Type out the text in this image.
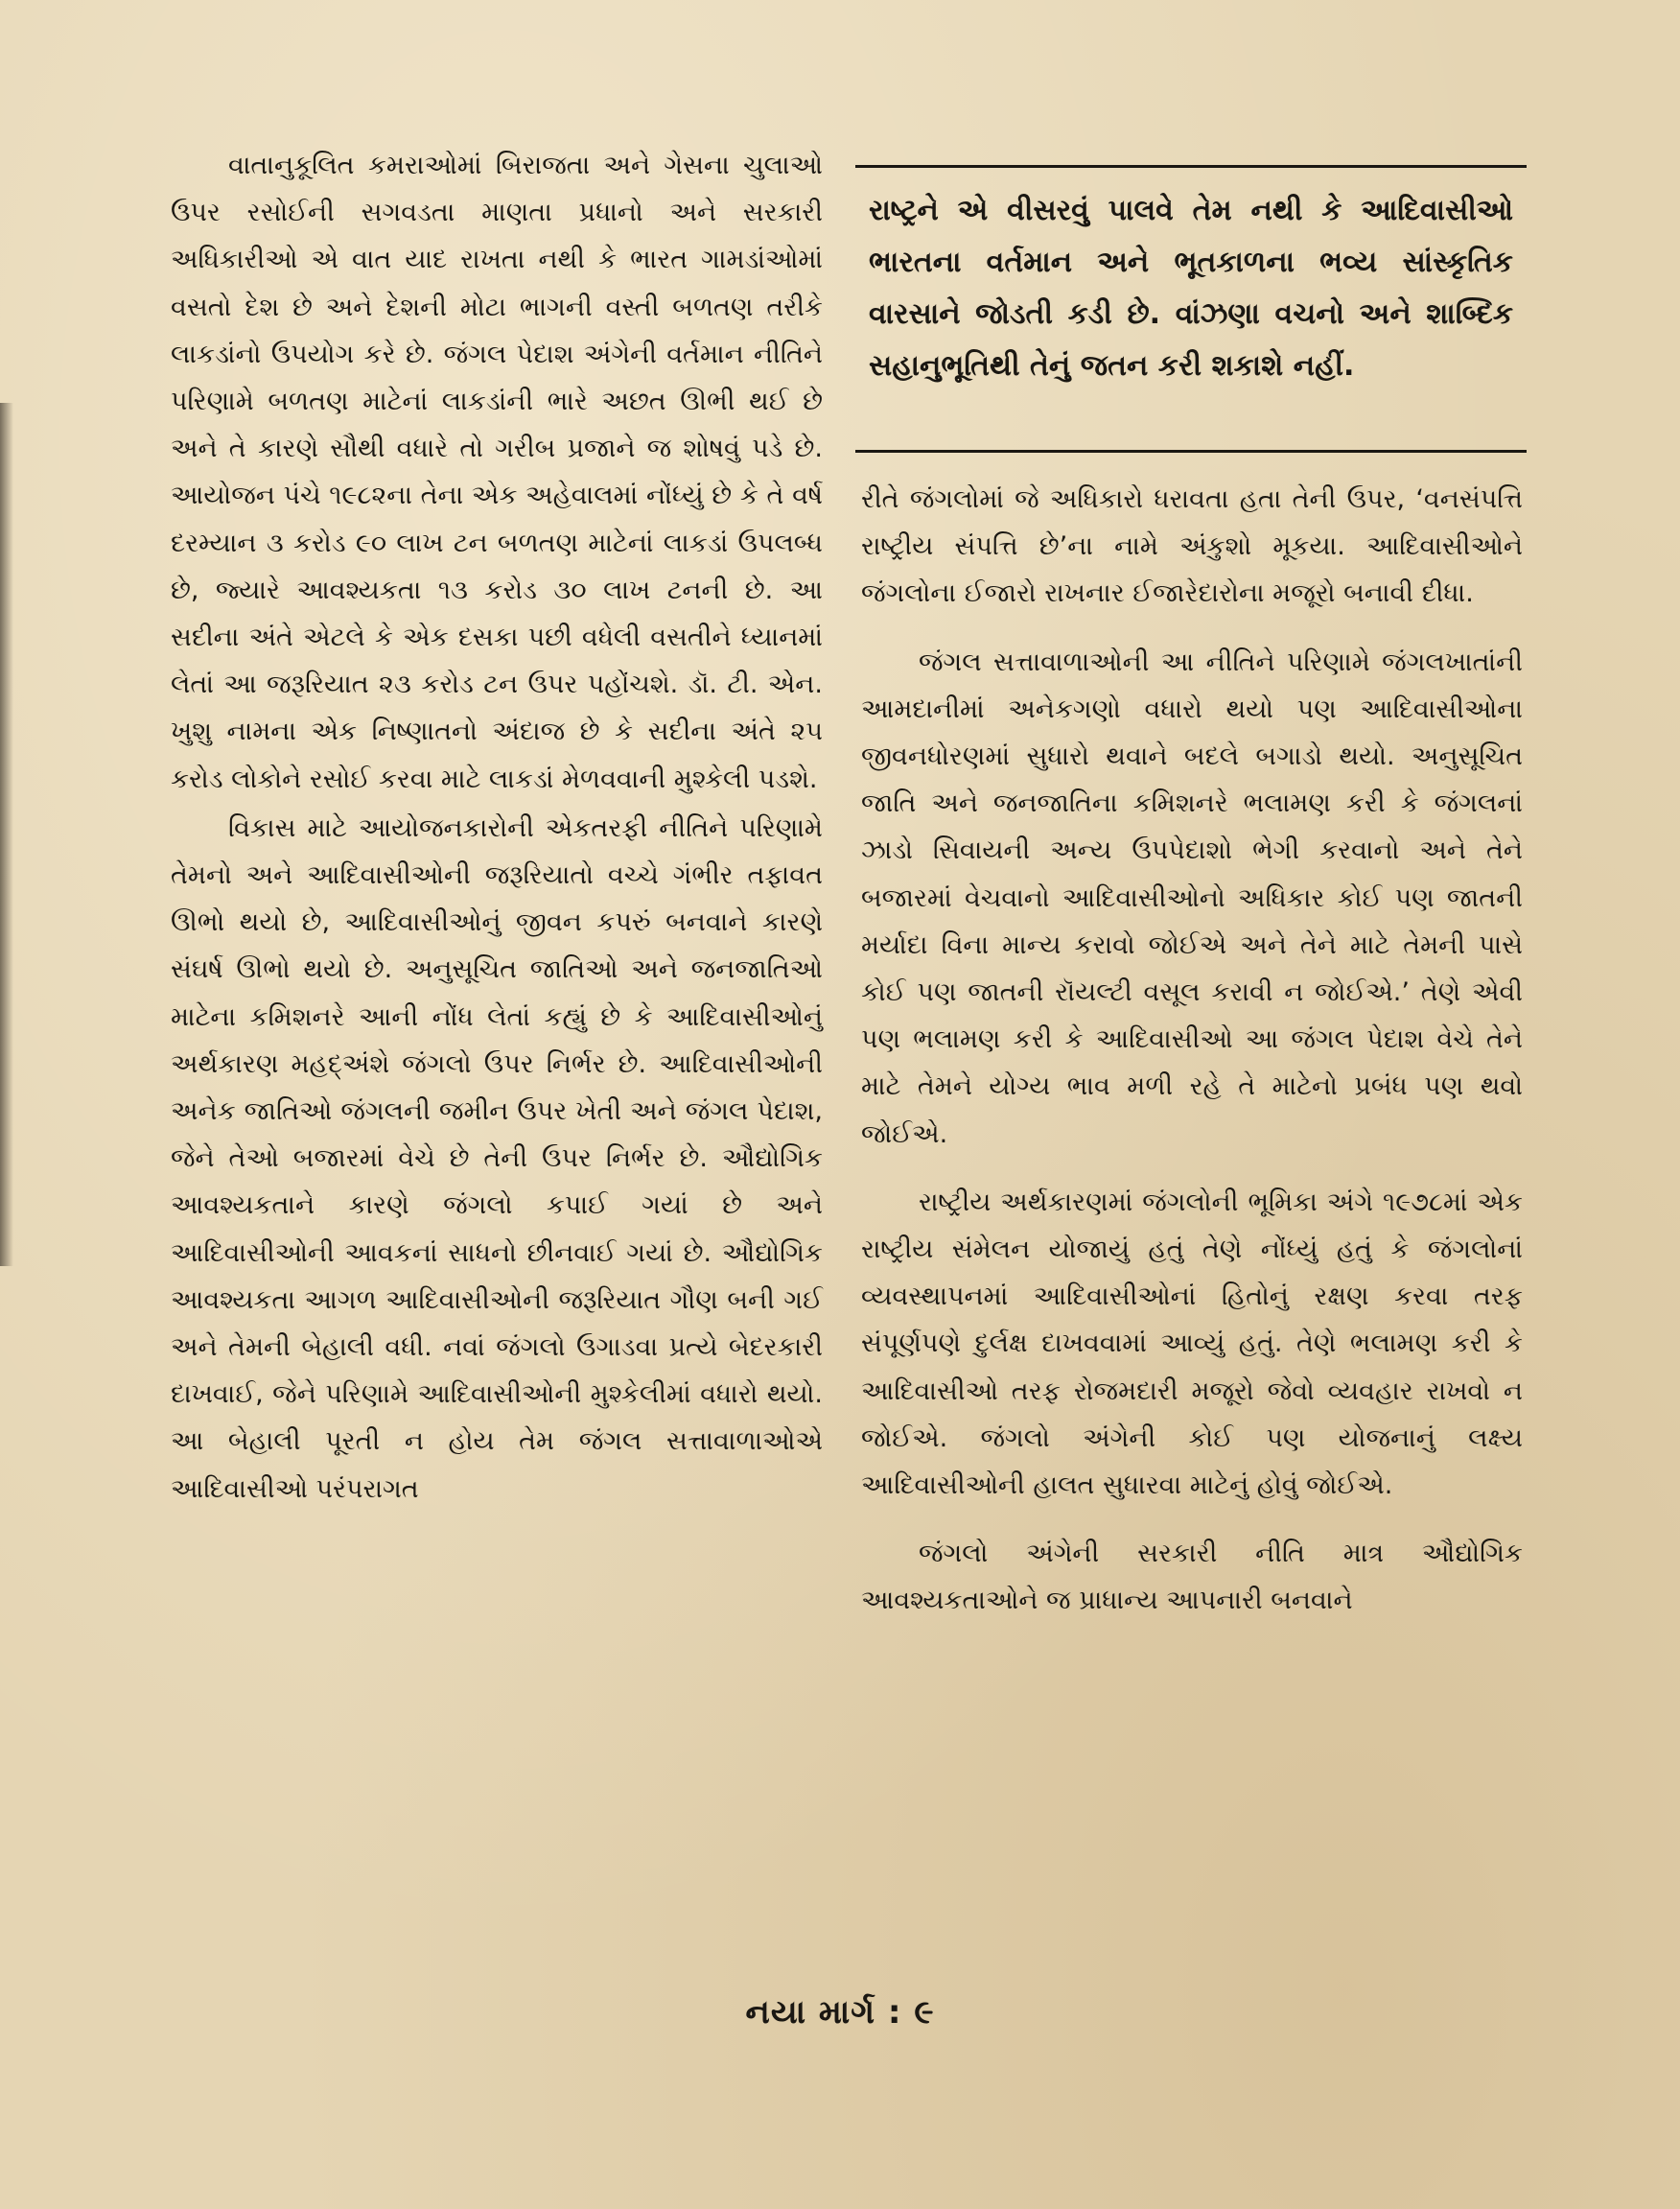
વાતાનુકૂલિત કમરાઓમાં બિરાજતા અને ગેસના ચુલાઓ ઉપર રસોઈની સગવડતા માણતા પ્રધાનો અને સરકારી અધિકારીઓ એ વાત યાદ રાખતા નથી કે ભારત ગામડાંઓમાં વસતો દેશ છે અને દેશની મોટા ભાગની વસ્તી બળતણ તરીકે લાકડાંનો ઉપયોગ કરે છે. જંગલ પેદાશ અંગેની વર્તમાન નીતિને પરિણામે બળતણ માટેનાં લાકડાંની ભારે અછત ઊભી થઈ છે અને તે કારણે સૌથી વધારે તો ગરીબ પ્રજાને જ શોષવું પડે છે. આયોજન પંચે ૧૯૮૨ના તેના એક અહેવાલમાં નોંધ્યું છે કે તે વર્ષ દરમ્યાન ૩ કરોડ ૯૦ લાખ ટન બળતણ માટેનાં લાકડાં ઉપલબ્ધ છે, જ્યારે આવશ્યકતા ૧૩ કરોડ ૩૦ લાખ ટનની છે. આ સદીના અંતે એટલે કે એક દસકા પછી વધેલી વસતીને ધ્યાનમાં લેતાં આ જરૂરિયાત ૨૩ કરોડ ટન ઉપર પહોંચશે. ડૉ. ટી. એન. ખુશુ નામના એક નિષ્ણાતનો અંદાજ છે કે સદીના અંતે ૨૫ કરોડ લોકોને રસોઈ કરવા માટે લાકડાં મેળવવાની મુશ્કેલી પડશે.

વિકાસ માટે આયોજનકારોની એકતરફી નીતિને પરિણામે તેમનો અને આદિવાસીઓની જરૂરિયાતો વચ્ચે ગંભીર તફાવત ઊભો થયો છે, આદિવાસીઓનું જીવન કપરું બનવાને કારણે સંઘર્ષ ઊભો થયો છે. અનુસૂચિત જાતિઓ અને જનજાતિઓ માટેના કમિશનરે આની નોંધ લેતાં કહ્યું છે કે આદિવાસીઓનું અર્થકારણ મહદ્અંશે જંગલો ઉપર નિર્ભર છે. આદિવાસીઓની અનેક જાતિઓ જંગલની જમીન ઉપર ખેતી અને જંગલ પેદાશ, જેને તેઓ બજારમાં વેચે છે તેની ઉપર નિર્ભર છે. ઔદ્યોગિક આવશ્યકતાને કારણે જંગલો કપાઈ ગયાં છે અને આદિવાસીઓની આવકનાં સાધનો છીનવાઈ ગયાં છે. ઔદ્યોગિક આવશ્યકતા આગળ આદિવાસીઓની જરૂરિયાત ગૌણ બની ગઈ અને તેમની બેહાલી વધી. નવાં જંગલો ઉગાડવા પ્રત્યે બેદરકારી દાખવાઈ, જેને પરિણામે આદિવાસીઓની મુશ્કેલીમાં વધારો થયો. આ બેહાલી પૂરતી ન હોય તેમ જંગલ સત્તાવાળાઓએ આદિવાસીઓ પરંપરાગત

રાષ્ટ્રને એ વીસરવું પાલવે તેમ નથી કે આદિવાસીઓ ભારતના વર્તમાન અને ભૂતકાળના ભવ્ય સાંસ્કૃતિક વારસાને જોડતી કડી છે. વાંઝણા વચનો અને શાબ્દિક સહાનુભૂતિથી તેનું જતન કરી શકાશે નહીં.

રીતે જંગલોમાં જે અધિકારો ધરાવતા હતા તેની ઉપર, ‘વનસંપત્તિ રાષ્ટ્રીય સંપત્તિ છે’ના નામે અંકુશો મૂકયા. આદિવાસીઓને જંગલોના ઈજારો રાખનાર ઈજારેદારોના મજૂરો બનાવી દીધા.

જંગલ સત્તાવાળાઓની આ નીતિને પરિણામે જંગલખાતાંની આમદાનીમાં અનેકગણો વધારો થયો પણ આદિવાસીઓના જીવનધોરણમાં સુધારો થવાને બદલે બગાડો થયો. અનુસૂચિત જાતિ અને જનજાતિના કમિશનરે ભલામણ કરી કે જંગલનાં ઝાડો સિવાયની અન્ય ઉપપેદાશો ભેગી કરવાનો અને તેને બજારમાં વેચવાનો આદિવાસીઓનો અધિકાર કોઈ પણ જાતની મર્યાદા વિના માન્ય કરાવો જોઈએ અને તેને માટે તેમની પાસે કોઈ પણ જાતની રૉયલ્ટી વસૂલ કરાવી ન જોઈએ.’ તેણે એવી પણ ભલામણ કરી કે આદિવાસીઓ આ જંગલ પેદાશ વેચે તેને માટે તેમને યોગ્ય ભાવ મળી રહે તે માટેનો પ્રબંધ પણ થવો જોઈએ.

રાષ્ટ્રીય અર્થકારણમાં જંગલોની ભૂમિકા અંગે ૧૯૭૮માં એક રાષ્ટ્રીય સંમેલન યોજાયું હતું તેણે નોંધ્યું હતું કે જંગલોનાં વ્યવસ્થાપનમાં આદિવાસીઓનાં હિતોનું રક્ષણ કરવા તરફ સંપૂર્ણપણે દુર્લક્ષ દાખવવામાં આવ્યું હતું. તેણે ભલામણ કરી કે આદિવાસીઓ તરફ રોજમદારી મજૂરો જેવો વ્યવહાર રાખવો ન જોઈએ. જંગલો અંગેની કોઈ પણ યોજનાનું લક્ષ્ય આદિવાસીઓની હાલત સુધારવા માટેનું હોવું જોઈએ.

જંગલો અંગેની સરકારી નીતિ માત્ર ઔદ્યોગિક આવશ્યકતાઓને જ પ્રાધાન્ય આપનારી બનવાને

નયા માર્ગ : ૯
